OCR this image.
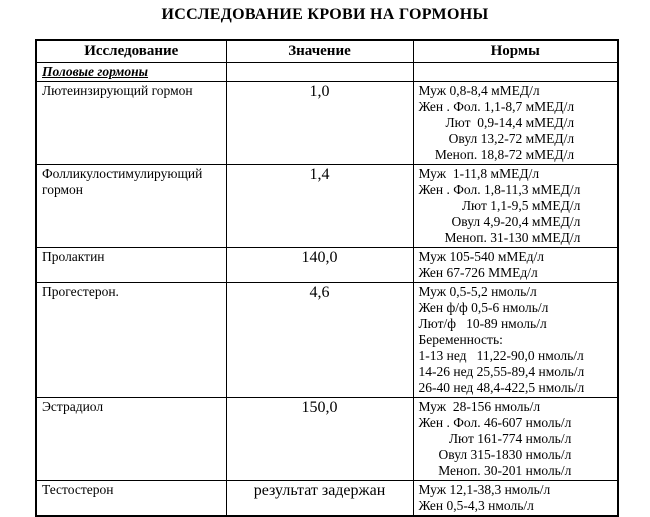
ИССЛЕДОВАНИЕ КРОВИ НА ГОРМОНЫ
Исследование	Значение	Нормы
Половые гормоны		
Лютеинзирующий гормон	1,0	Муж 0,8-8,4 мМЕД/л
Жен . Фол. 1,1-8,7 мМЕД/л
Лют  0,9-14,4 мМЕД/л
Овул 13,2-72 мМЕД/л
Меноп. 18,8-72 мМЕД/л

Фолликулостимулирующий гормон	1,4	Муж  1-11,8 мМЕД/л
Жен . Фол. 1,8-11,3 мМЕД/л
Лют 1,1-9,5 мМЕД/л
Овул 4,9-20,4 мМЕД/л
Меноп. 31-130 мМЕД/л

Пролактин	140,0	Муж 105-540 мМЕд/л
Жен 67-726 ММЕд/л

Прогестерон.	4,6	Муж 0,5-5,2 нмоль/л
Жен ф/ф 0,5-6 нмоль/л
Лют/ф   10-89 нмоль/л
Беременность:
1-13 нед   11,22-90,0 нмоль/л
14-26 нед 25,55-89,4 нмоль/л
26-40 нед 48,4-422,5 нмоль/л

Эстрадиол	150,0	Муж  28-156 нмоль/л
Жен . Фол. 46-607 нмоль/л
Лют 161-774 нмоль/л
Овул 315-1830 нмоль/л
Меноп. 30-201 нмоль/л

Тестостерон	результат задержан	Муж 12,1-38,3 нмоль/л
Жен 0,5-4,3 нмоль/л
